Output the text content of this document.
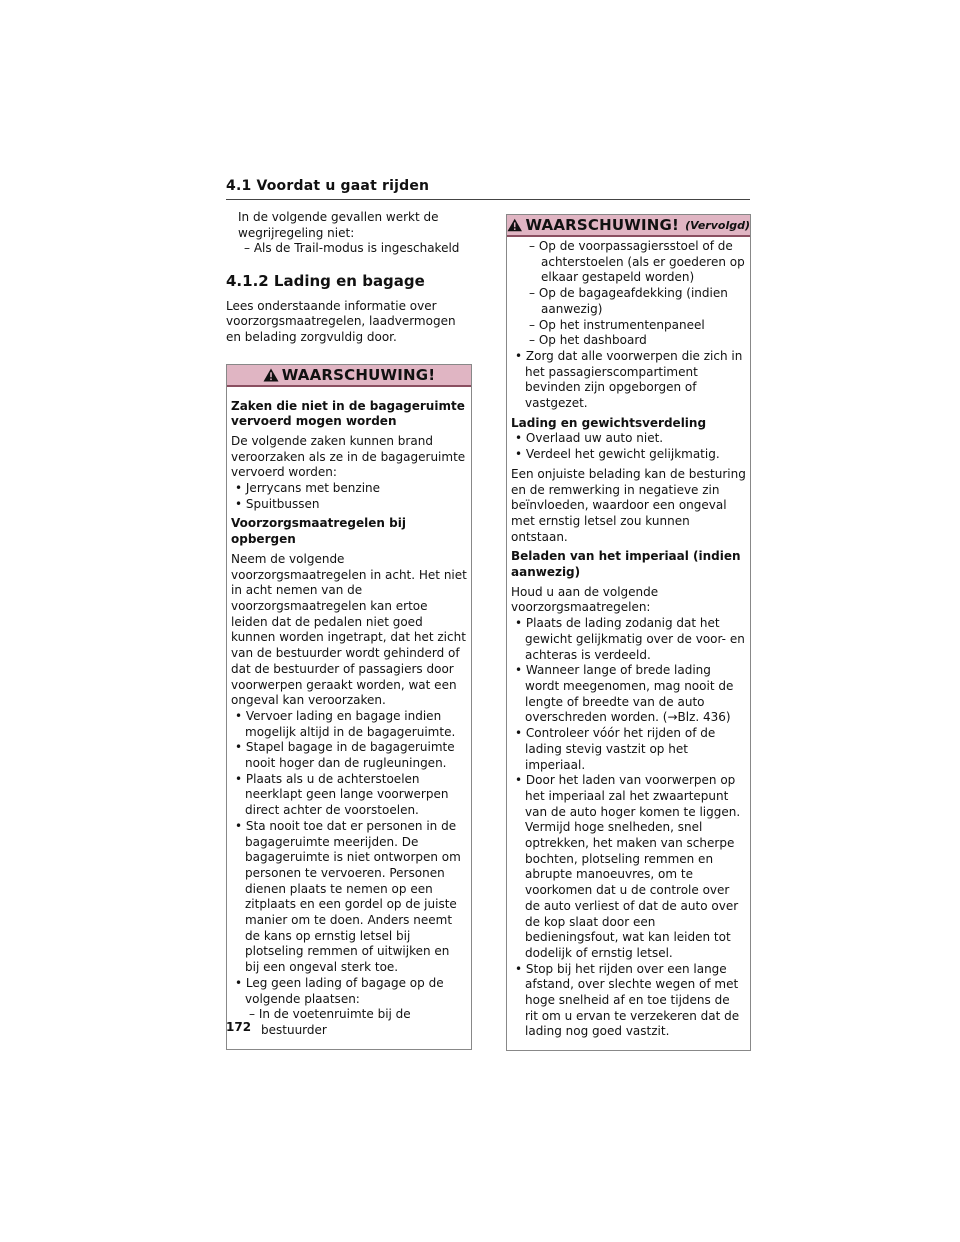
4.1 Voordat u gaat rijden
In de volgende gevallen werkt de
wegrijregeling niet:
– Als de Trail-modus is ingeschakeld
4.1.2 Lading en bagage
Lees onderstaande informatie over voorzorgsmaatregelen, laadvermogen en belading zorgvuldig door.
WAARSCHUWING!
Zaken die niet in de bagageruimte vervoerd mogen worden
De volgende zaken kunnen brand veroorzaken als ze in de bagageruimte vervoerd worden:
• Jerrycans met benzine
• Spuitbussen
Voorzorgsmaatregelen bij opbergen
Neem de volgende voorzorgsmaatregelen in acht. Het niet in acht nemen van de voorzorgsmaatregelen kan ertoe leiden dat de pedalen niet goed kunnen worden ingetrapt, dat het zicht van de bestuurder wordt gehinderd of dat de bestuurder of passagiers door voorwerpen geraakt worden, wat een ongeval kan veroorzaken.
• Vervoer lading en bagage indien mogelijk altijd in de bagageruimte.
• Stapel bagage in de bagageruimte nooit hoger dan de rugleuningen.
• Plaats als u de achterstoelen neerklapt geen lange voorwerpen direct achter de voorstoelen.
• Sta nooit toe dat er personen in de bagageruimte meerijden. De bagageruimte is niet ontworpen om personen te vervoeren. Personen dienen plaats te nemen op een zitplaats en een gordel op de juiste manier om te doen. Anders neemt de kans op ernstig letsel bij plotseling remmen of uitwijken en bij een ongeval sterk toe.
• Leg geen lading of bagage op de volgende plaatsen:
– In de voetenruimte bij de bestuurder
WAARSCHUWING! (Vervolgd)
– Op de voorpassagiersstoel of de achterstoelen (als er goederen op elkaar gestapeld worden)
– Op de bagageafdekking (indien aanwezig)
– Op het instrumentenpaneel
– Op het dashboard
• Zorg dat alle voorwerpen die zich in het passagierscompartiment bevinden zijn opgeborgen of vastgezet.
Lading en gewichtsverdeling
• Overlaad uw auto niet.
• Verdeel het gewicht gelijkmatig.
Een onjuiste belading kan de besturing en de remwerking in negatieve zin beïnvloeden, waardoor een ongeval met ernstig letsel zou kunnen ontstaan.
Beladen van het imperiaal (indien aanwezig)
Houd u aan de volgende voorzorgsmaatregelen:
• Plaats de lading zodanig dat het gewicht gelijkmatig over de voor- en achteras is verdeeld.
• Wanneer lange of brede lading wordt meegenomen, mag nooit de lengte of breedte van de auto overschreden worden. (→Blz. 436)
• Controleer vóór het rijden of de lading stevig vastzit op het imperiaal.
• Door het laden van voorwerpen op het imperiaal zal het zwaartepunt van de auto hoger komen te liggen. Vermijd hoge snelheden, snel optrekken, het maken van scherpe bochten, plotseling remmen en abrupte manoeuvres, om te voorkomen dat u de controle over de auto verliest of dat de auto over de kop slaat door een bedieningsfout, wat kan leiden tot dodelijk of ernstig letsel.
• Stop bij het rijden over een lange afstand, over slechte wegen of met hoge snelheid af en toe tijdens de rit om u ervan te verzekeren dat de lading nog goed vastzit.
172
